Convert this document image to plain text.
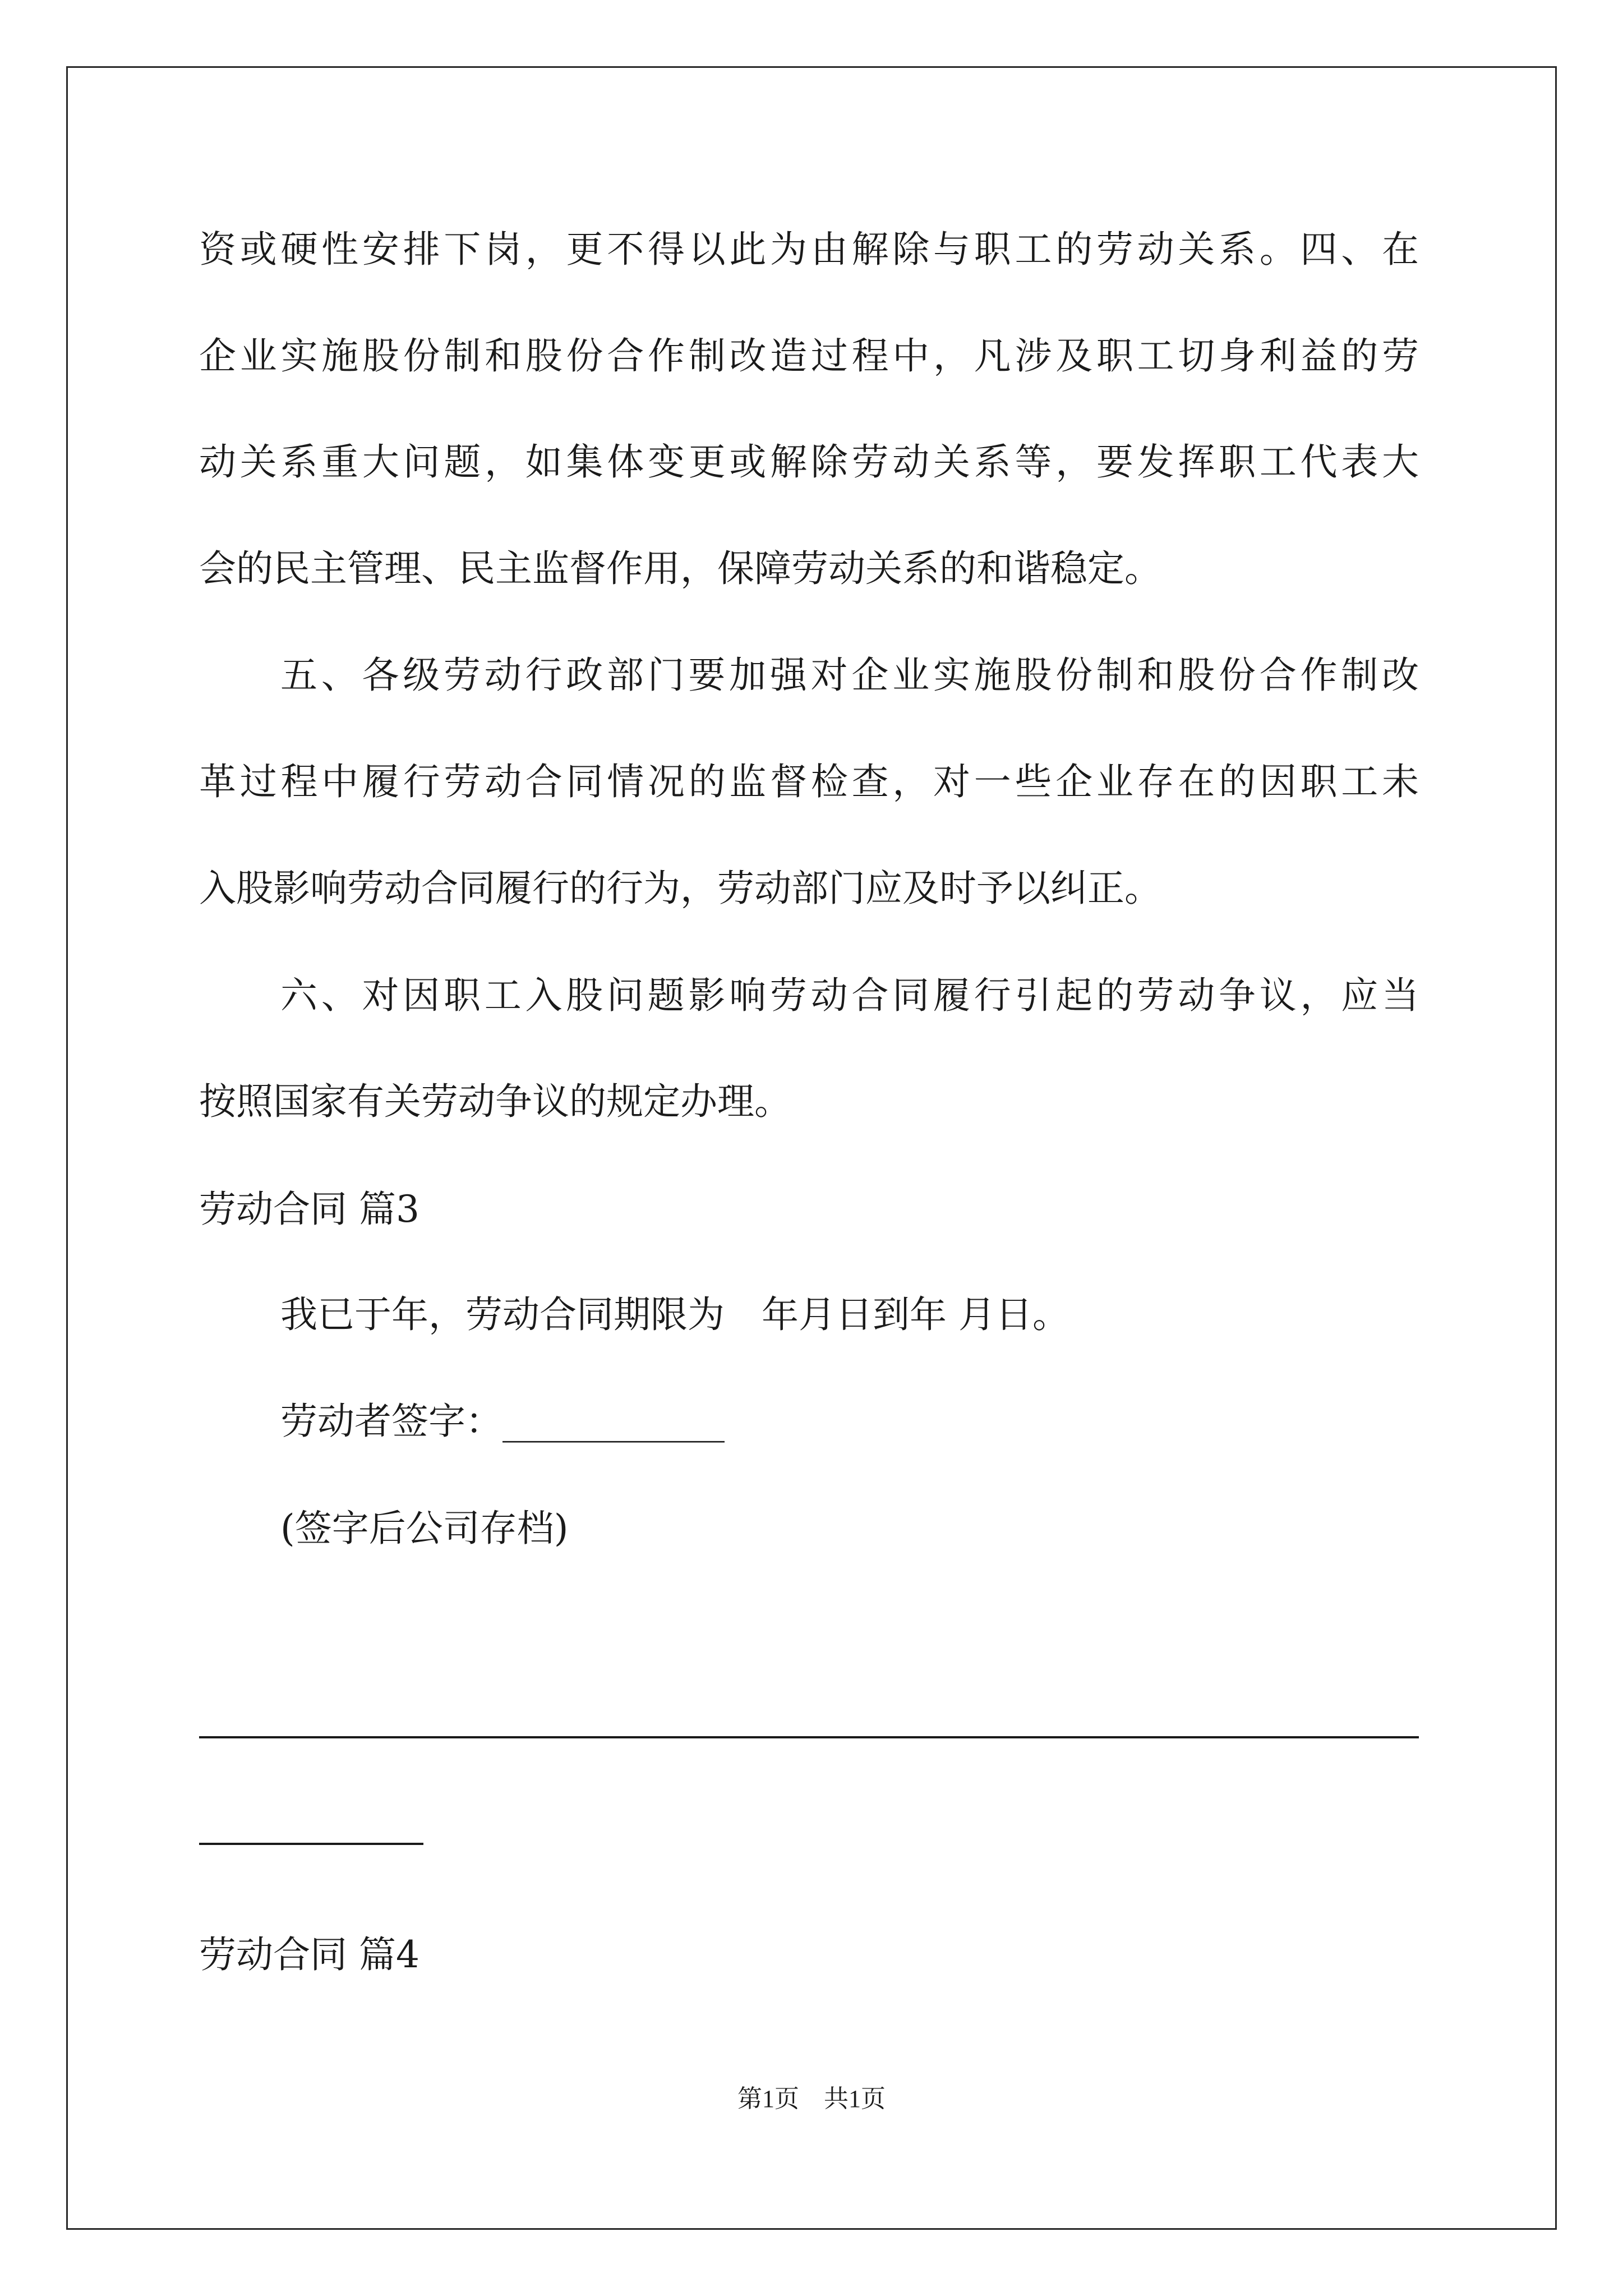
资或硬性安排下岗，更不得以此为由解除与职工的劳动关系。四、在
企业实施股份制和股份合作制改造过程中，凡涉及职工切身利益的劳
动关系重大问题，如集体变更或解除劳动关系等，要发挥职工代表大
会的民主管理、民主监督作用，保障劳动关系的和谐稳定。
五、各级劳动行政部门要加强对企业实施股份制和股份合作制改
革过程中履行劳动合同情况的监督检查，对一些企业存在的因职工未
入股影响劳动合同履行的行为，劳动部门应及时予以纠正。
六、对因职工入股问题影响劳动合同履行引起的劳动争议，应当
按照国家有关劳动争议的规定办理。
劳动合同 篇3
我已于年，劳动合同期限为　年月日到年 月日。
劳动者签字：____________
(签字后公司存档)
劳动合同 篇4
第1页　共1页
